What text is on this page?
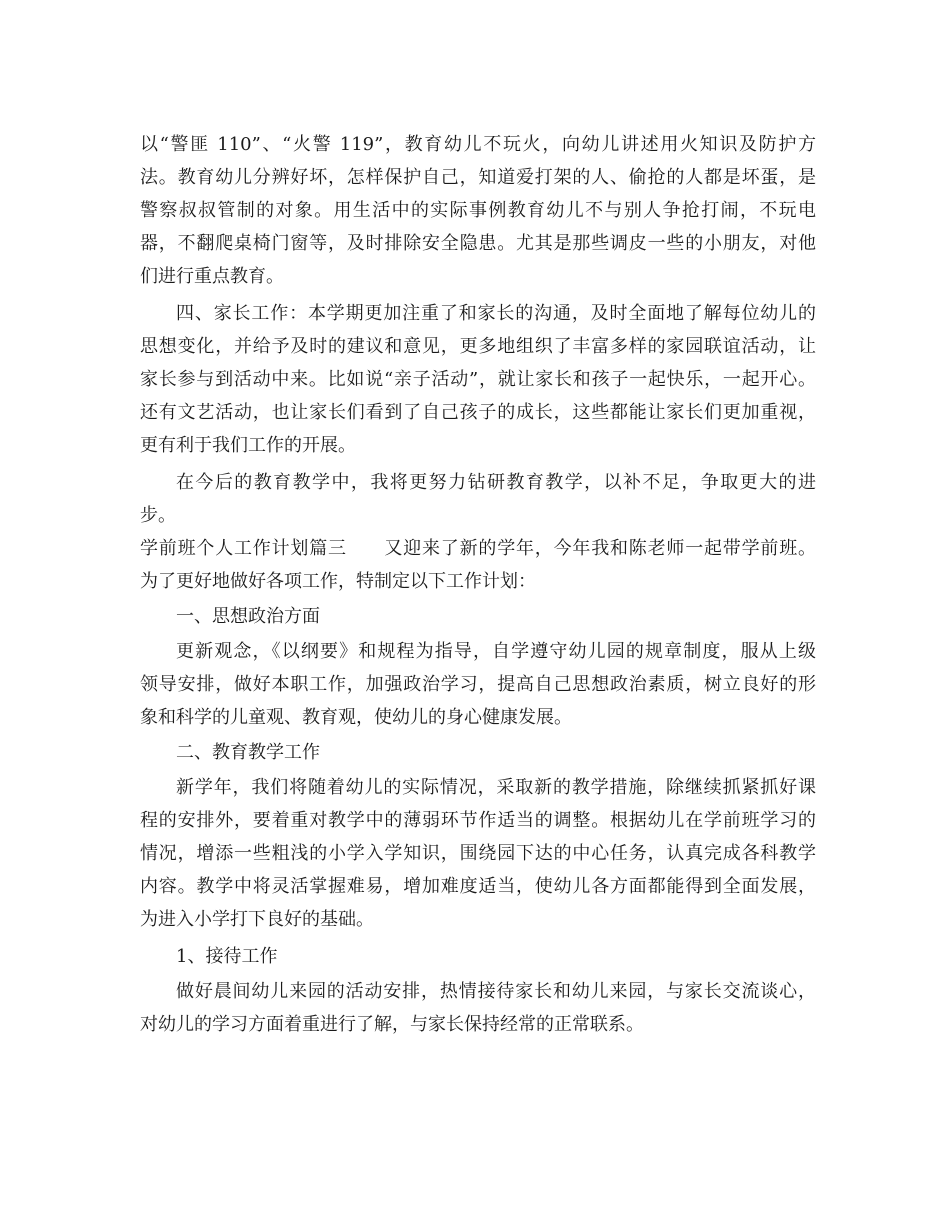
以“警匪 110”、“火警 119”，教育幼儿不玩火，向幼儿讲述用火知识及防护方
法。教育幼儿分辨好坏，怎样保护自己，知道爱打架的人、偷抢的人都是坏蛋，是
警察叔叔管制的对象。用生活中的实际事例教育幼儿不与别人争抢打闹，不玩电
器，不翻爬桌椅门窗等，及时排除安全隐患。尤其是那些调皮一些的小朋友，对他
们进行重点教育。
四、家长工作：本学期更加注重了和家长的沟通，及时全面地了解每位幼儿的
思想变化，并给予及时的建议和意见，更多地组织了丰富多样的家园联谊活动，让
家长参与到活动中来。比如说“亲子活动”，就让家长和孩子一起快乐，一起开心。
还有文艺活动，也让家长们看到了自己孩子的成长，这些都能让家长们更加重视，
更有利于我们工作的开展。
在今后的教育教学中，我将更努力钻研教育教学，以补不足，争取更大的进
步。
学前班个人工作计划篇三　　又迎来了新的学年，今年我和陈老师一起带学前班。
为了更好地做好各项工作，特制定以下工作计划：
一、思想政治方面
更新观念，《以纲要》和规程为指导，自学遵守幼儿园的规章制度，服从上级
领导安排，做好本职工作，加强政治学习，提高自己思想政治素质，树立良好的形
象和科学的儿童观、教育观，使幼儿的身心健康发展。
二、教育教学工作
新学年，我们将随着幼儿的实际情况，采取新的教学措施，除继续抓紧抓好课
程的安排外，要着重对教学中的薄弱环节作适当的调整。根据幼儿在学前班学习的
情况，增添一些粗浅的小学入学知识，围绕园下达的中心任务，认真完成各科教学
内容。教学中将灵活掌握难易，增加难度适当，使幼儿各方面都能得到全面发展，
为进入小学打下良好的基础。
1、接待工作
做好晨间幼儿来园的活动安排，热情接待家长和幼儿来园，与家长交流谈心，
对幼儿的学习方面着重进行了解，与家长保持经常的正常联系。
